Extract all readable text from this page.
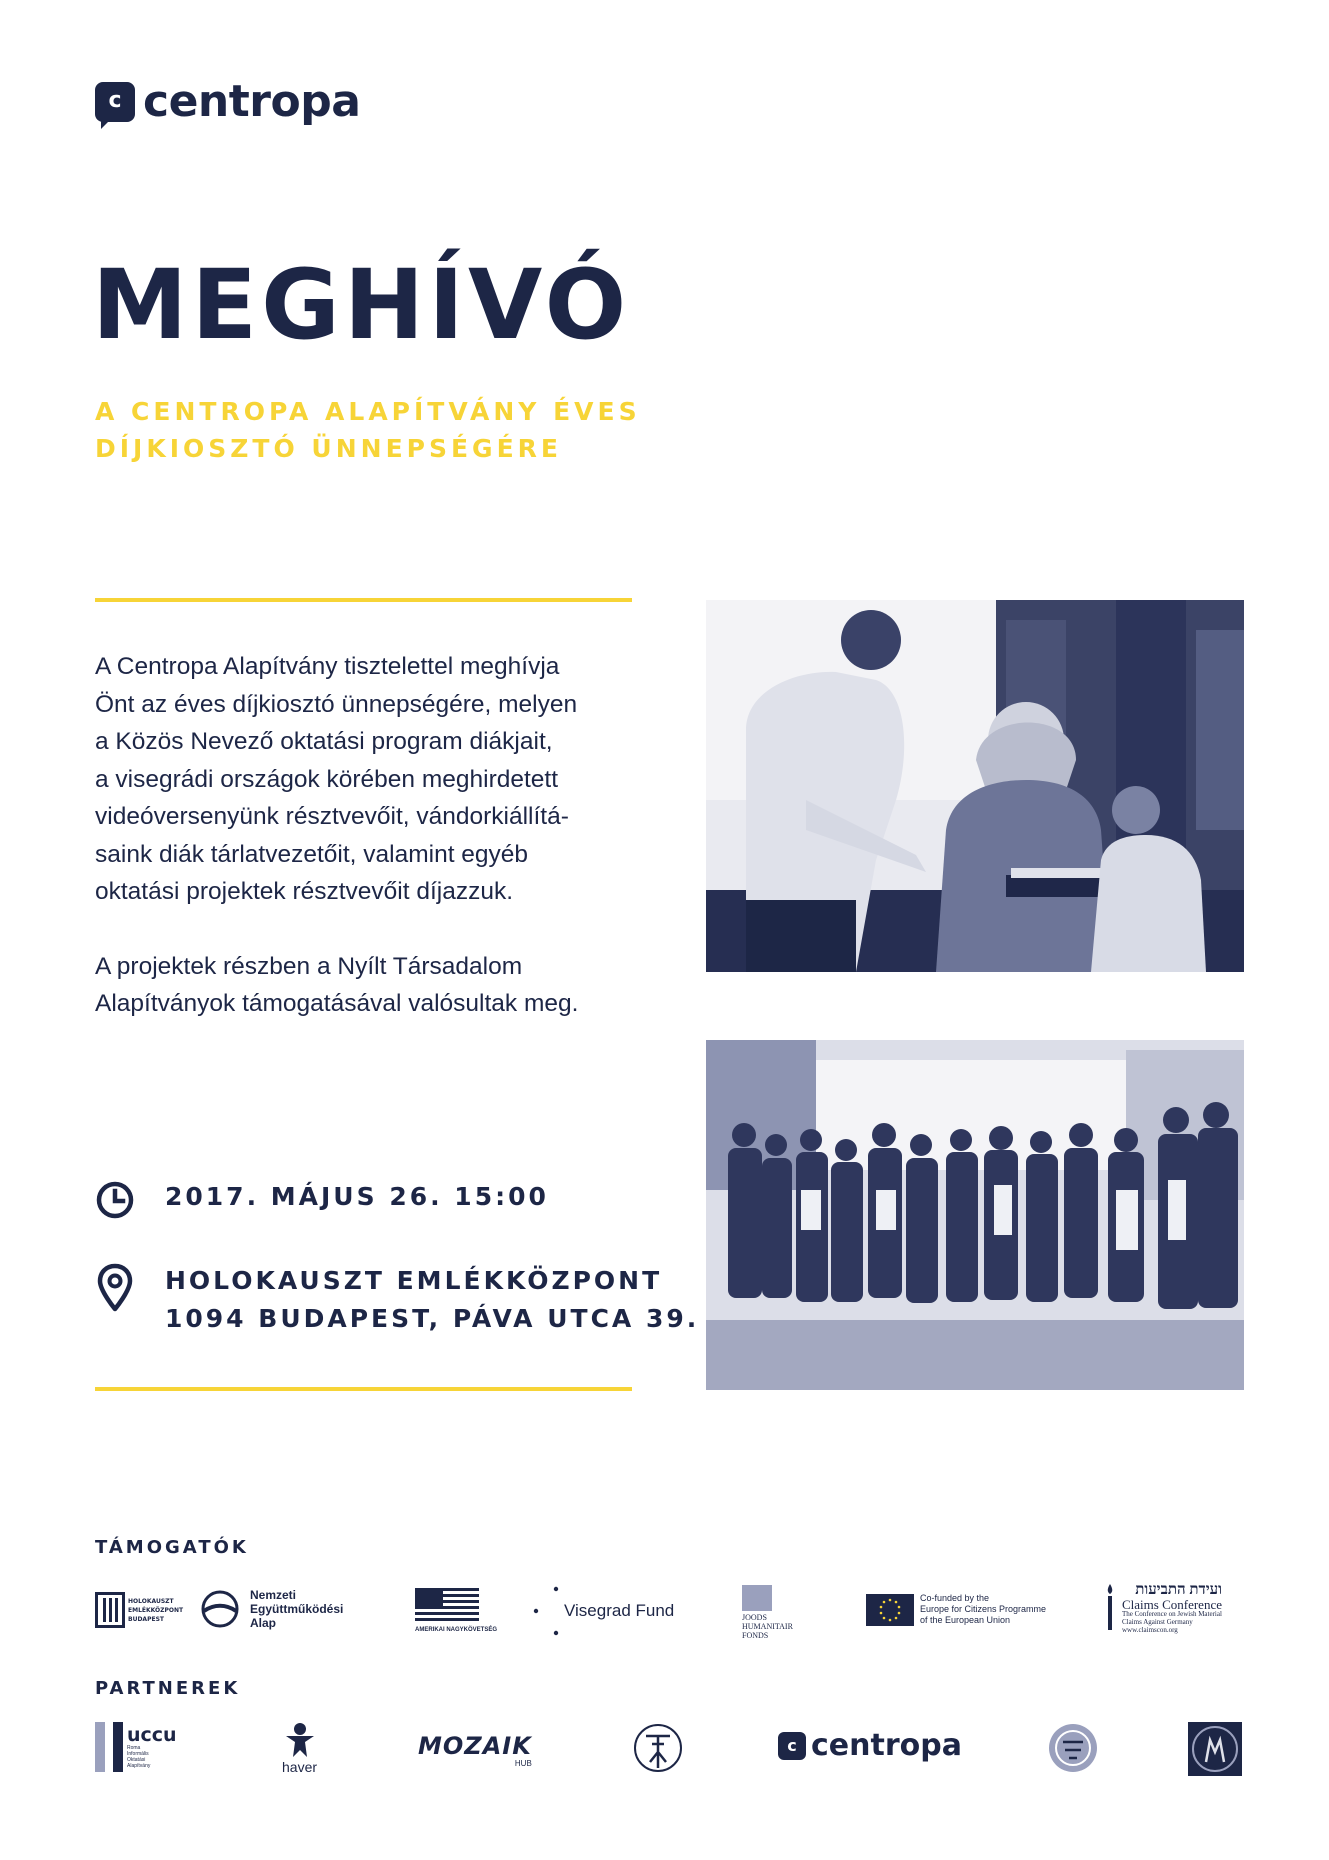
c centropa
MEGHÍVÓ
A CENTROPA ALAPÍTVÁNY ÉVES
DÍJKIOSZTÓ ÜNNEPSÉGÉRE

A Centropa Alapítvány tisztelettel meghívja
Önt az éves díjkiosztó ünnepségére, melyen
a Közös Nevező oktatási program diákjait,
a visegrádi országok körében meghirdetett
videóversenyünk résztvevőit, vándorkiállítá-
saink diák tárlatvezetőit, valamint egyéb
oktatási projektek résztvevőit díjazzuk.

A projektek részben a Nyílt Társadalom
Alapítványok támogatásával valósultak meg.

2017. MÁJUS 26. 15:00
HOLOKAUSZT EMLÉKKÖZPONT
1094 BUDAPEST, PÁVA UTCA 39.
TÁMOGATÓK
HOLOKAUSZT
EMLÉKKÖZPONT
BUDAPEST
Nemzeti
Együttműködési
Alap	AMERIKAI NAGYKÖVETSÉG
Visegrad Fund	JOODS
HUMANITAIR
FONDS
Co-funded by the
Europe for Citizens Programme
of the European Union
ועידת התביעות
Claims Conference
The Conference on Jewish Material
Claims Against Germany
www.claimscon.org
PARTNEREK
uccu
Roma
Informális
Oktatási
Alapítvány	haver
MOZAIK
HUB
c centropa
